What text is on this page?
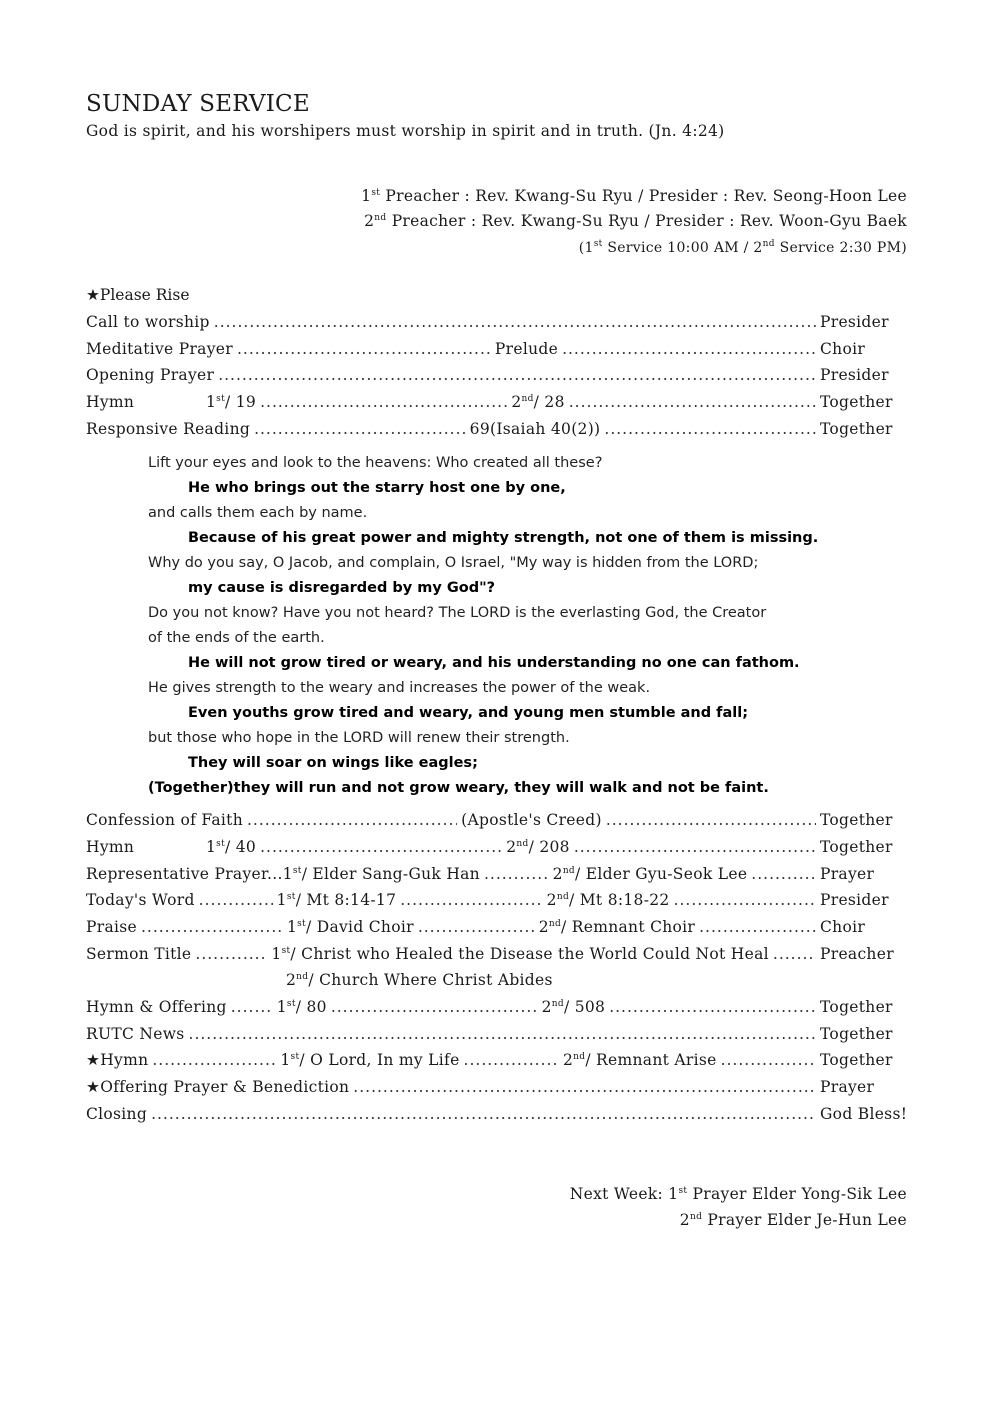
SUNDAY SERVICE
God is spirit, and his worshipers must worship in spirit and in truth. (Jn. 4:24)
1st Preacher : Rev. Kwang-Su Ryu / Presider : Rev. Seong-Hoon Lee
2nd Preacher : Rev. Kwang-Su Ryu / Presider : Rev. Woon-Gyu Baek
(1st Service 10:00 AM / 2nd Service 2:30 PM)
★Please Rise
Call to worship .....	Presider
Meditative Prayer .....	Prelude .....	Choir
Opening Prayer .....	Presider
Hymn	1st/ 19 .....	2nd/ 28 .....	Together
Responsive Reading .....	69(Isaiah 40(2)) .....	Together
Lift your eyes and look to the heavens: Who created all these?
He who brings out the starry host one by one,
and calls them each by name.
Because of his great power and mighty strength, not one of them is missing.
Why do you say, O Jacob, and complain, O Israel, "My way is hidden from the LORD;
my cause is disregarded by my God"?
Do you not know? Have you not heard? The LORD is the everlasting God, the Creator
of the ends of the earth.
He will not grow tired or weary, and his understanding no one can fathom.
He gives strength to the weary and increases the power of the weak.
Even youths grow tired and weary, and young men stumble and fall;
but those who hope in the LORD will renew their strength.
They will soar on wings like eagles;
(Together)they will run and not grow weary, they will walk and not be faint.
Confession of Faith .....	(Apostle's Creed) .....	Together
Hymn	1st/ 40 .....	2nd/ 208 .....	Together
Representative Prayer... 1st/ Elder Sang-Guk Han .....	2nd/ Elder Gyu-Seok Lee .....	Prayer
Today's Word .....	1st/ Mt 8:14-17 .....	2nd/ Mt 8:18-22 .....	Presider
Praise .....	1st/ David Choir .....	2nd/ Remnant Choir .....	Choir
Sermon Title .....	1st/ Christ who Healed the Disease the World Could Not Heal .....	Preacher
2nd/ Church Where Christ Abides
Hymn & Offering .....	1st/ 80 .....	2nd/ 508 .....	Together
RUTC News .....	Together
★Hymn .....	1st/ O Lord, In my Life .....	2nd/ Remnant Arise .....	Together
★Offering Prayer & Benediction .....	Prayer
Closing .....	God Bless!
Next Week: 1st Prayer Elder Yong-Sik Lee
2nd Prayer Elder Je-Hun Lee
